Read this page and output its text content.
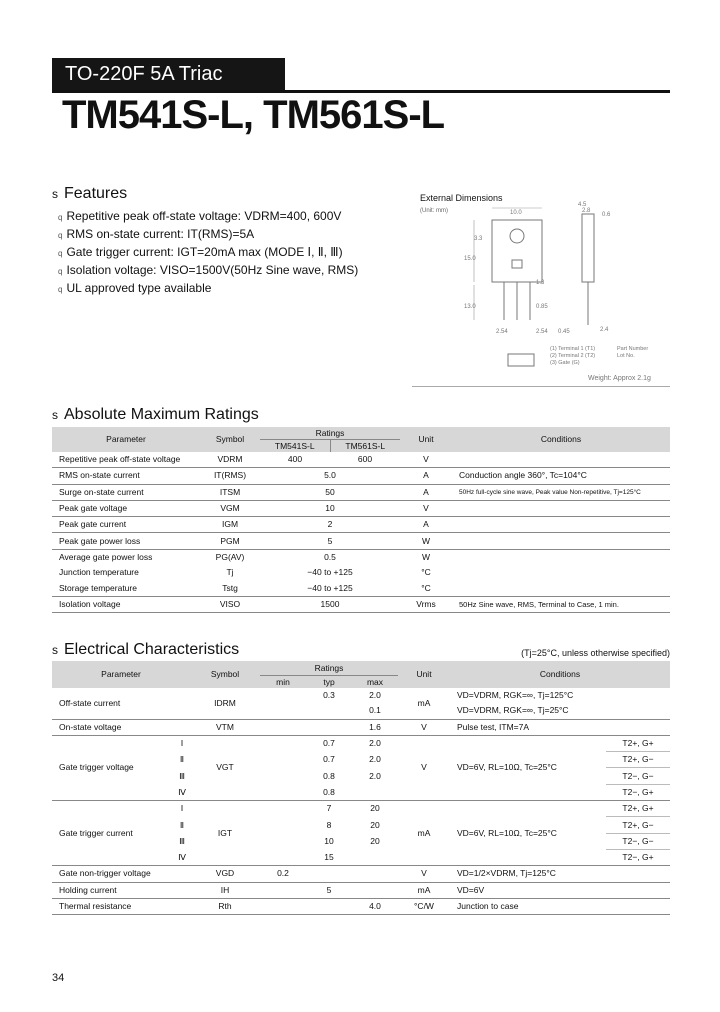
TO-220F 5A Triac
TM541S-L, TM561S-L
s Features
q Repetitive peak off-state voltage: VDRM=400, 600V
q RMS on-state current: IT(RMS)=5A
q Gate trigger current: IGT=20mA max (MODE Ⅰ, Ⅱ, Ⅲ)
q Isolation voltage: VISO=1500V(50Hz Sine wave, RMS)
q UL approved type available
External Dimensions
(Unit: mm)
4.5
10.0	2.8
0.6
3.3
15.0
1.3
0.85
2.54	2.54 0.45	2.4
13.0
(1) Terminal 1 (T1)
(2) Terminal 2 (T2)
(3) Gate (G)
Part Number
Lot No.
Weight: Approx 2.1g
s Absolute Maximum Ratings
Parameter	Symbol	Ratings		Unit	Conditions
		TM541S-L	TM561S-L		
Repetitive peak off-state voltage	VDRM	400	600	V	
RMS on-state current	IT(RMS)	5.0		A	Conduction angle 360°, Tc=104°C
Surge on-state current	ITSM	50		A	50Hz full-cycle sine wave, Peak value Non-repetitive, Tj=125°C
Peak gate voltage	VGM	10		V	
Peak gate current	IGM	2		A	
Peak gate power loss	PGM	5		W	
Average gate power loss	PG(AV)	0.5		W	
Junction temperature	Tj	−40 to +125		°C	
Storage temperature	Tstg	−40 to +125		°C	
Isolation voltage	VISO	1500		Vrms	50Hz Sine wave, RMS, Terminal to Case, 1 min.
s Electrical Characteristics	(Tj=25°C, unless otherwise specified)
Parameter		Symbol	Ratings			Unit	Conditions	
			min	typ	max			
Off-state current		IDRM		0.3	2.0	mA	VD=VDRM, RGK=∞, Tj=125°C	
					0.1		VD=VDRM, RGK=∞, Tj=25°C	
On-state voltage		VTM			1.6	V	Pulse test, ITM=7A	
Gate trigger voltage	Ⅰ	VGT		0.7	2.0	V	VD=6V, RL=10Ω, Tc=25°C	T2+, G+
	Ⅱ			0.7	2.0			T2+, G−
	Ⅲ			0.8	2.0			T2−, G−
	Ⅳ			0.8				T2−, G+
Gate trigger current	Ⅰ	IGT		7	20	mA	VD=6V, RL=10Ω, Tc=25°C	T2+, G+
	Ⅱ			8	20			T2+, G−
	Ⅲ			10	20			T2−, G−
	Ⅳ			15				T2−, G+
Gate non-trigger voltage		VGD	0.2			V	VD=1/2×VDRM, Tj=125°C	
Holding current		IH		5		mA	VD=6V	
Thermal resistance		Rth			4.0	°C/W	Junction to case	
34
